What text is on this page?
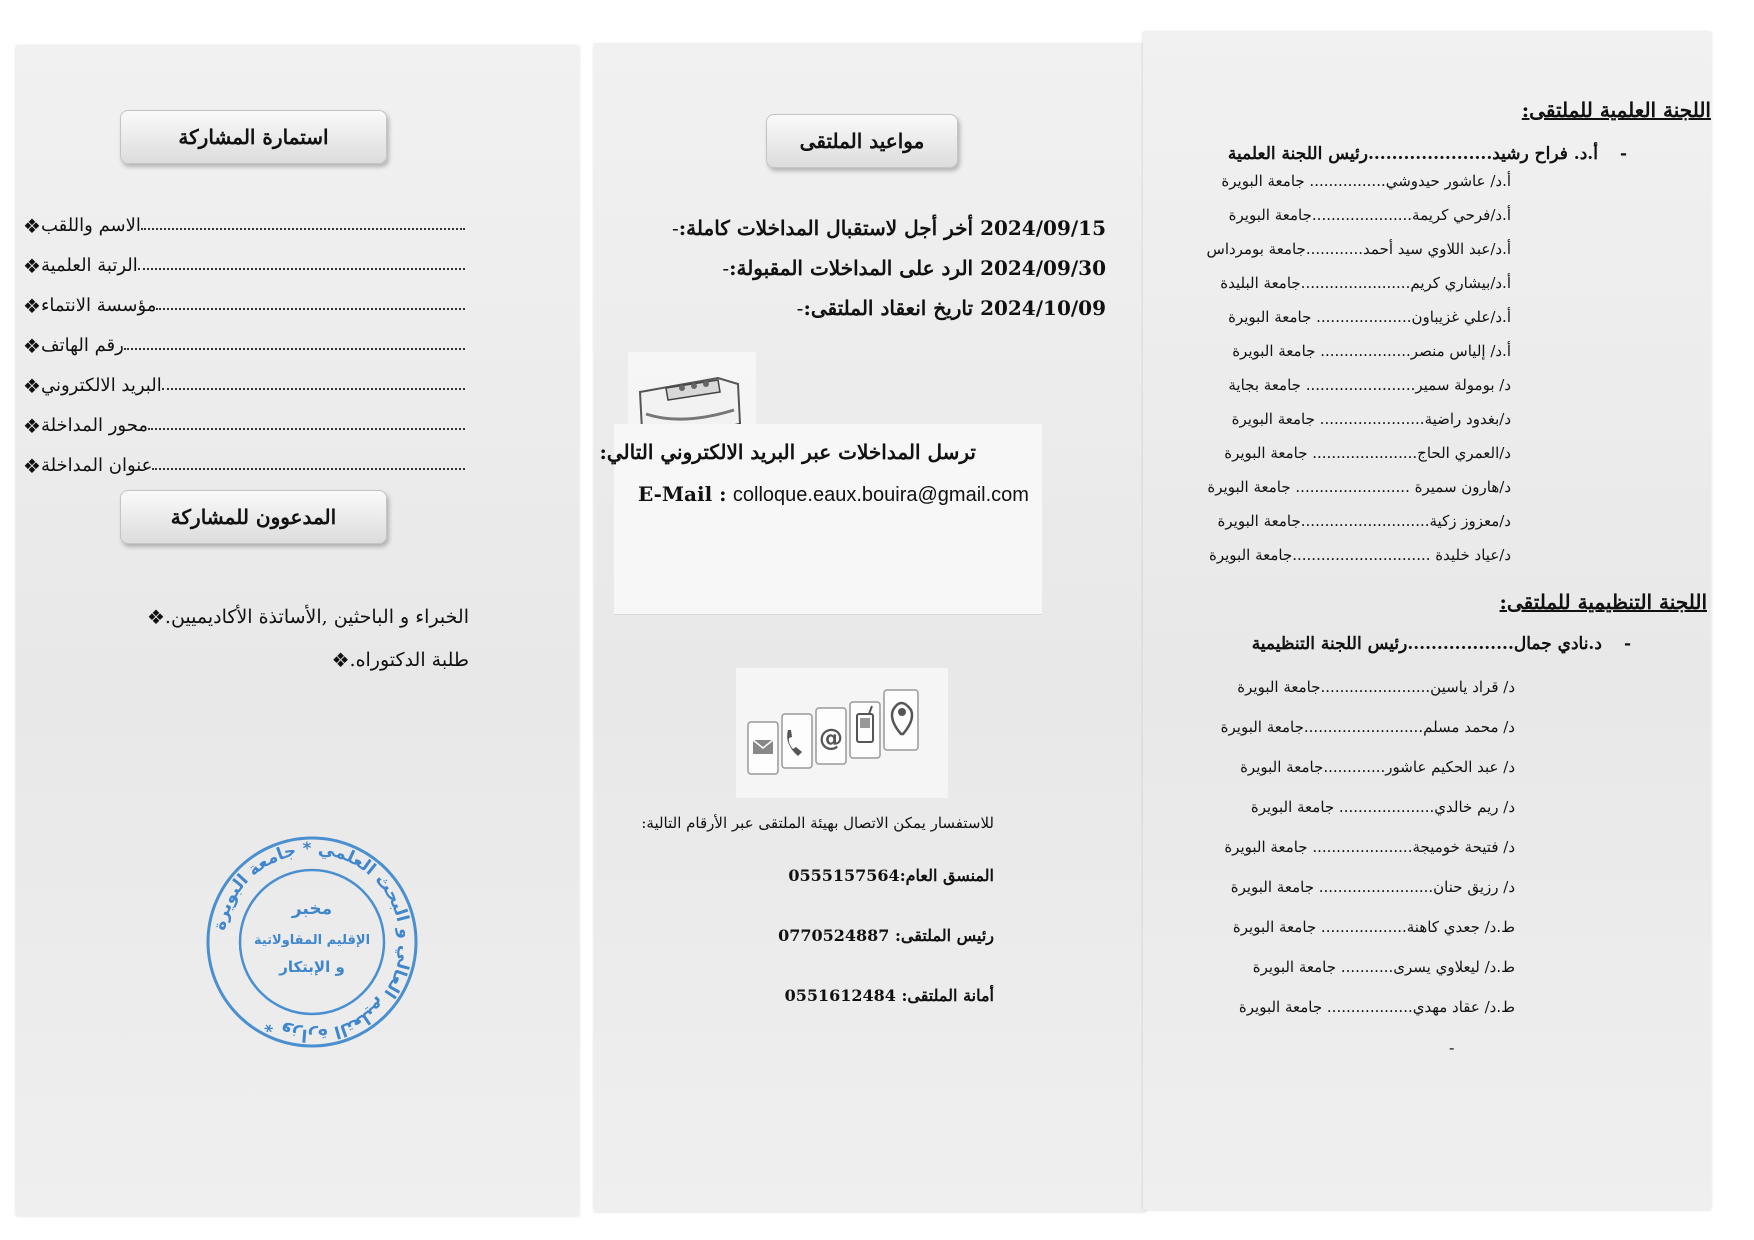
استمارة المشاركة
❖ الاسم واللقب
❖ الرتبة العلمية
❖ مؤسسة الانتماء
❖ رقم الهاتف
❖ البريد الالكتروني
❖ محور المداخلة
❖ عنوان المداخلة
المدعوون للمشاركة
❖ الخبراء و الباحثين ,الأساتذة الأكاديميين.
❖ طلبة الدكتوراه.
وزارة التعليم العالي و البحث العلمي * جامعة البويرة *
مخبر
الإقليم المقاولاتية
و الإبتكار
مواعيد الملتقى
- أخر أجل لاستقبال المداخلات كاملة:
2024/09/15
- الرد على المداخلات المقبولة:
2024/09/30
- تاريخ انعقاد الملتقى:
2024/10/09
ترسل المداخلات عبر البريد الالكتروني التالي:
E-Mail : colloque.eaux.bouira@gmail.com
@
للاستفسار يمكن الاتصال بهيئة الملتقى عبر الأرقام التالية:
المنسق العام:0555157564
رئيس الملتقى: 0770524887
أمانة الملتقى: 0551612484
اللجنة العلمية للملتقى:
-أ.د. فراح رشيد.....................رئيس اللجنة العلمية
أ.د/ عاشور حيدوشي................ جامعة البويرة
أ.د/فرحي كريمة.....................جامعة البويرة
أ.د/عبد اللاوي سيد أحمد............جامعة بومرداس
أ.د/بيشاري كريم.......................جامعة البليدة
أ.د/علي غزيباون.................... جامعة البويرة
أ.د/ إلياس منصر................... جامعة البويرة
د/ بومولة سمير....................... جامعة بجاية
د/بغدود راضية...................... جامعة البويرة
د/العمري الحاج...................... جامعة البويرة
د/هارون سميرة ........................ جامعة البويرة
د/معزوز زكية...........................جامعة البويرة
د/عياد خليدة .............................جامعة البويرة
اللجنة التنظيمية للملتقى:
-د.نادي جمال..................رئيس اللجنة التنظيمية
د/ قراد ياسين.......................جامعة البويرة
د/ محمد مسلم.........................جامعة البويرة
د/ عبد الحكيم عاشور.............جامعة البويرة
د/ ريم خالدي.................... جامعة البويرة
د/ فتيحة خوميجة..................... جامعة البويرة
د/ رزيق حنان........................ جامعة البويرة
ط.د/ جعدي كاهنة.................. جامعة البويرة
ط.د/ ليعلاوي يسرى........... جامعة البويرة
ط.د/ عقاد مهدي.................. جامعة البويرة
-
